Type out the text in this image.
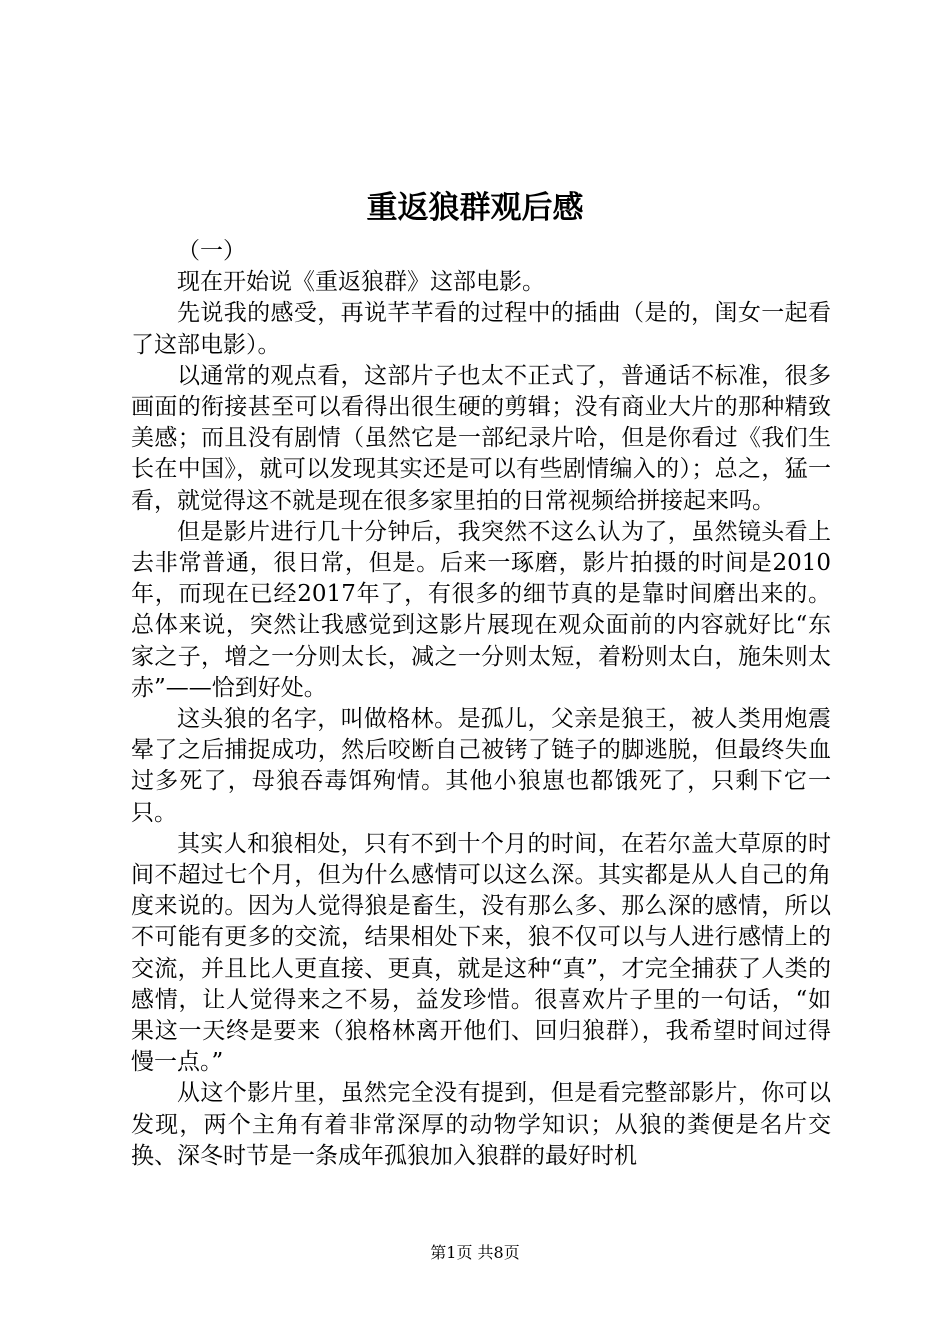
重返狼群观后感

（一）

现在开始说《重返狼群》这部电影。

先说我的感受，再说芊芊看的过程中的插曲（是的，闺女一起看了这部电影）。

以通常的观点看，这部片子也太不正式了，普通话不标准，很多画面的衔接甚至可以看得出很生硬的剪辑；没有商业大片的那种精致美感；而且没有剧情（虽然它是一部纪录片哈，但是你看过《我们生长在中国》，就可以发现其实还是可以有些剧情编入的）；总之，猛一看，就觉得这不就是现在很多家里拍的日常视频给拼接起来吗。

但是影片进行几十分钟后，我突然不这么认为了，虽然镜头看上去非常普通，很日常，但是。后来一琢磨，影片拍摄的时间是2010年，而现在已经2017年了，有很多的细节真的是靠时间磨出来的。总体来说，突然让我感觉到这影片展现在观众面前的内容就好比“东家之子，增之一分则太长，减之一分则太短，着粉则太白，施朱则太赤”——恰到好处。

这头狼的名字，叫做格林。是孤儿，父亲是狼王，被人类用炮震晕了之后捕捉成功，然后咬断自己被铐了链子的脚逃脱，但最终失血过多死了，母狼吞毒饵殉情。其他小狼崽也都饿死了，只剩下它一只。

其实人和狼相处，只有不到十个月的时间，在若尔盖大草原的时间不超过七个月，但为什么感情可以这么深。其实都是从人自己的角度来说的。因为人觉得狼是畜生，没有那么多、那么深的感情，所以不可能有更多的交流，结果相处下来，狼不仅可以与人进行感情上的交流，并且比人更直接、更真，就是这种“真”，才完全捕获了人类的感情，让人觉得来之不易，益发珍惜。很喜欢片子里的一句话，“如果这一天终是要来（狼格林离开他们、回归狼群），我希望时间过得慢一点。”

从这个影片里，虽然完全没有提到，但是看完整部影片，你可以发现，两个主角有着非常深厚的动物学知识；从狼的粪便是名片交换、深冬时节是一条成年孤狼加入狼群的最好时机

第1页 共8页
